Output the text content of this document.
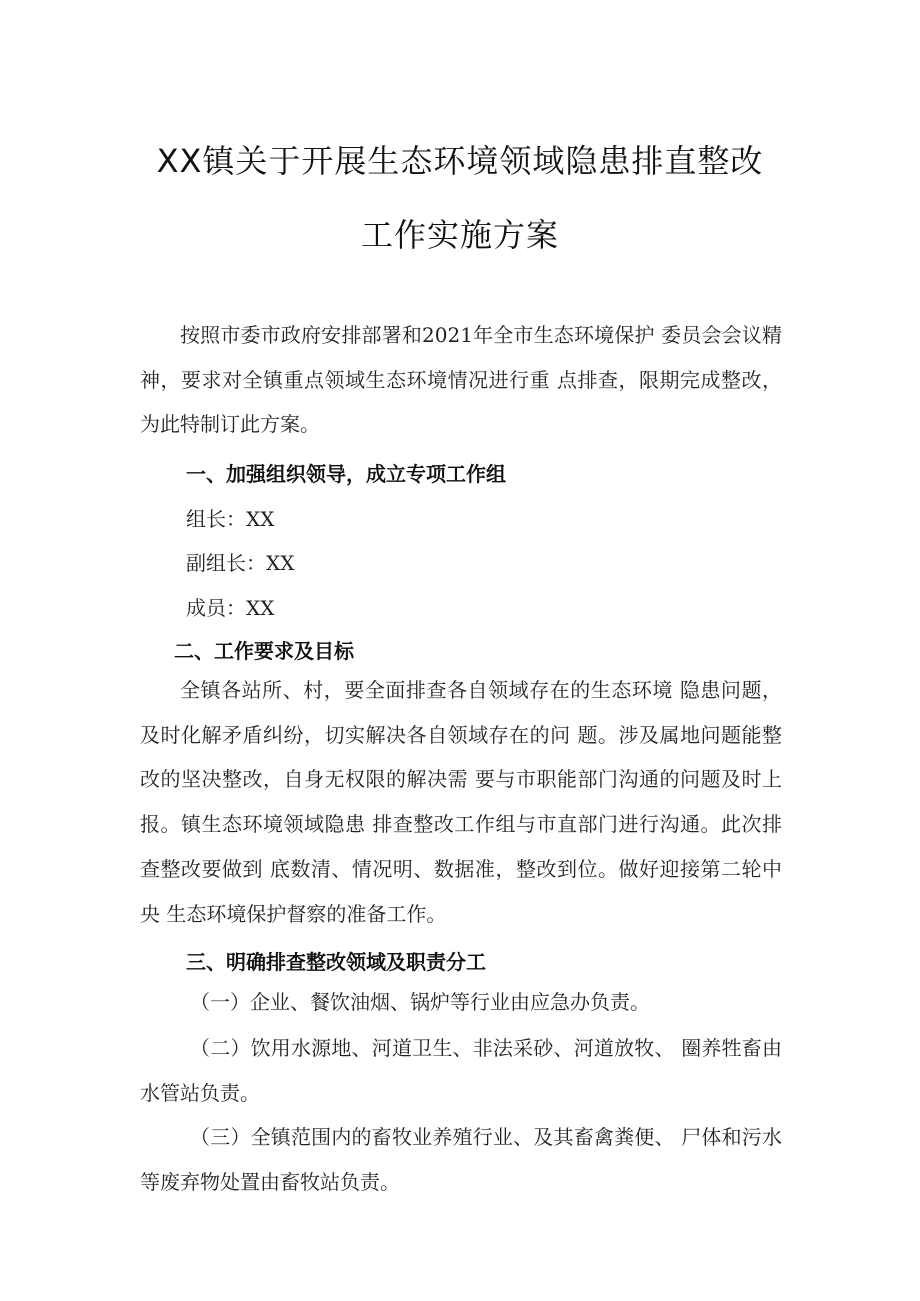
XX镇关于开展生态环境领域隐患排直整改
工作实施方案

按照市委市政府安排部署和2021年全市生态环境保护 委员会会议精神，要求对全镇重点领域生态环境情况进行重 点排查，限期完成整改，为此特制订此方案。

一、加强组织领导，成立专项工作组

组长：XX

副组长：XX

成员：XX

二、工作要求及目标

全镇各站所、村，要全面排查各自领域存在的生态环境 隐患问题，及时化解矛盾纠纷，切实解决各自领域存在的问 题。涉及属地问题能整改的坚决整改，自身无权限的解决需 要与市职能部门沟通的问题及时上报。镇生态环境领域隐患 排查整改工作组与市直部门进行沟通。此次排查整改要做到 底数清、情况明、数据准，整改到位。做好迎接第二轮中央 生态环境保护督察的准备工作。

三、明确排查整改领域及职责分工

（一）企业、餐饮油烟、锅炉等行业由应急办负责。

（二）饮用水源地、河道卫生、非法采砂、河道放牧、 圈养牲畜由水管站负责。

（三）全镇范围内的畜牧业养殖行业、及其畜禽粪便、 尸体和污水等废弃物处置由畜牧站负责。
